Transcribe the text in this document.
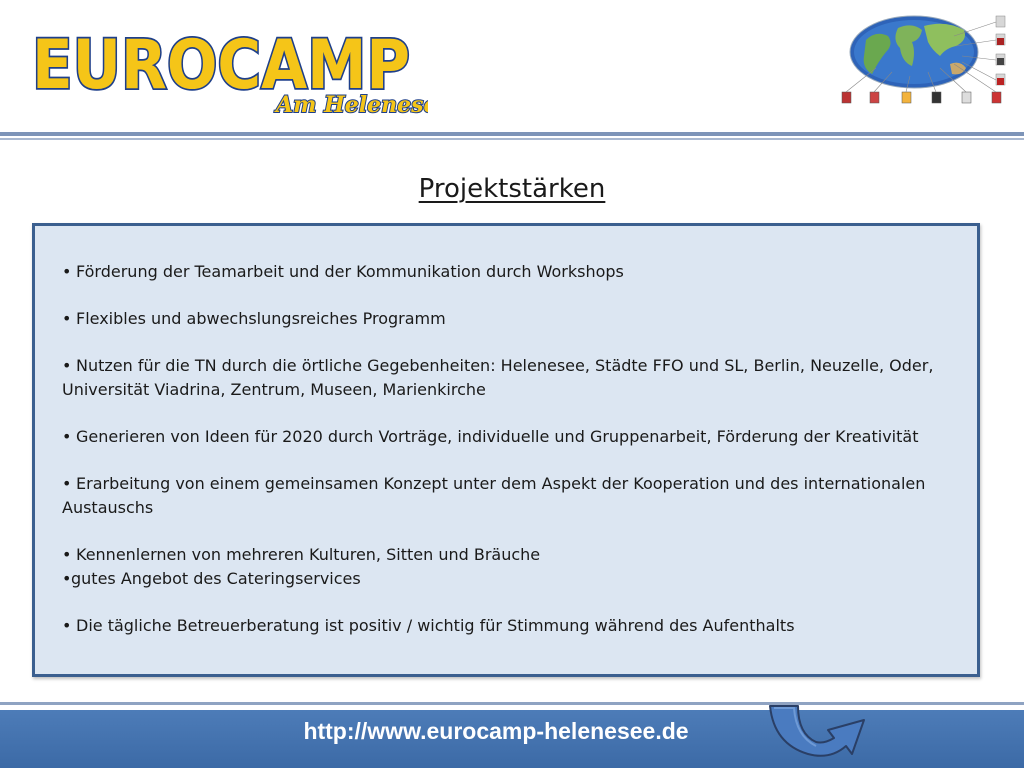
EUROCAMP
Am Helenes
Projektstärken
• Förderung der Teamarbeit und der Kommunikation durch Workshops
• Flexibles und abwechslungsreiches Programm
• Nutzen für die TN durch die örtliche Gegebenheiten: Helenesee, Städte FFO und SL, Berlin, Neuzelle, Oder, Universität Viadrina, Zentrum, Museen, Marienkirche
• Generieren von Ideen für 2020 durch Vorträge, individuelle und Gruppenarbeit, Förderung der Kreativität
• Erarbeitung von einem gemeinsamen Konzept unter dem Aspekt der Kooperation und des internationalen Austauschs
• Kennenlernen von mehreren Kulturen, Sitten und Bräuche
•gutes Angebot des Cateringservices
• Die tägliche Betreuerberatung ist positiv / wichtig für Stimmung während des Aufenthalts
http://www.eurocamp-helenesee.de
